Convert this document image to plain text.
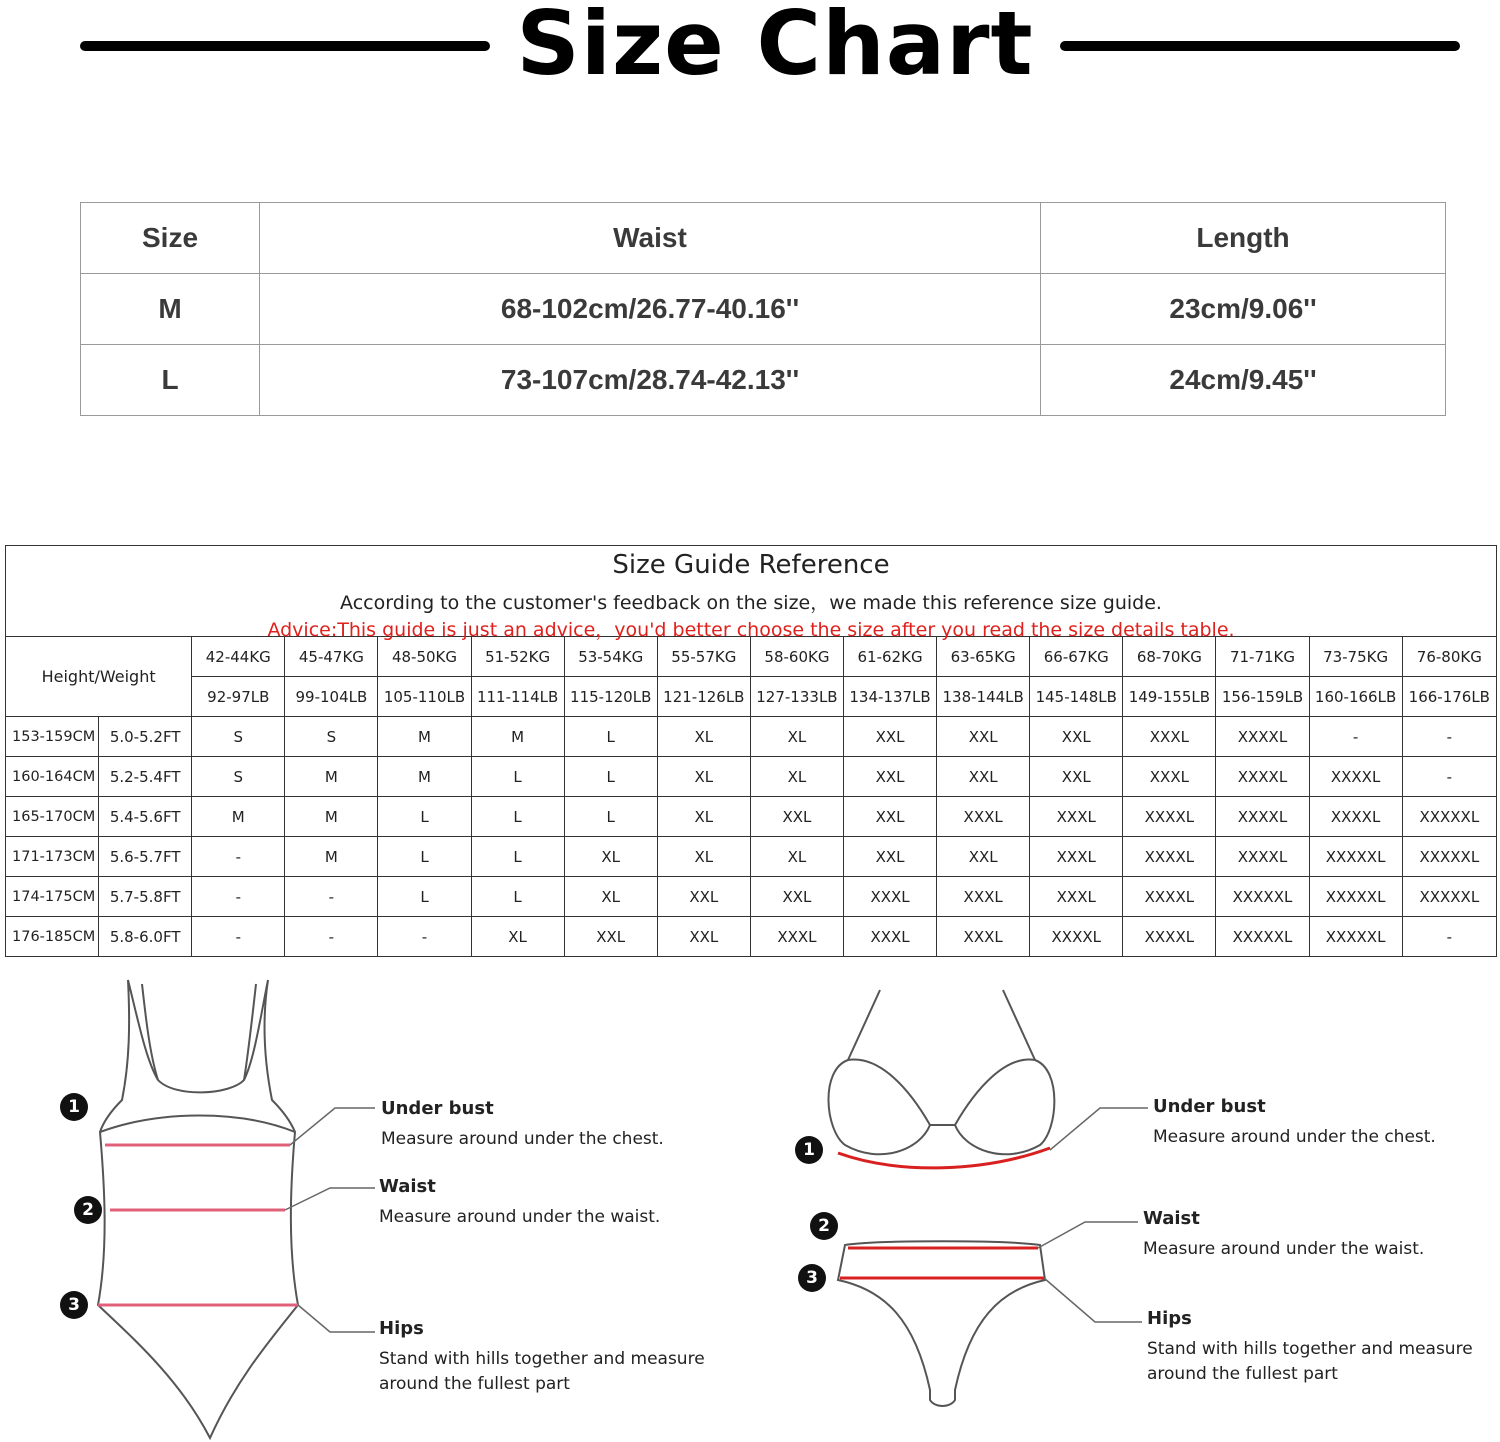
Size Chart
Size	Waist	Length
M	68-102cm/26.77-40.16''	23cm/9.06''
L	73-107cm/28.74-42.13''	24cm/9.45''
Size Guide Reference
According to the customer's feedback on the size，we made this reference size guide.
Advice:This guide is just an advice，you'd better choose the size after you read the size details table.
Height/Weight		42-44KG	45-47KG	48-50KG	51-52KG	53-54KG	55-57KG	58-60KG	61-62KG	63-65KG	66-67KG	68-70KG	71-71KG	73-75KG	76-80KG
		92-97LB	99-104LB	105-110LB	111-114LB	115-120LB	121-126LB	127-133LB	134-137LB	138-144LB	145-148LB	149-155LB	156-159LB	160-166LB	166-176LB
153-159CM	5.0-5.2FT	S	S	M	M	L	XL	XL	XXL	XXL	XXL	XXXL	XXXXL	-	-
160-164CM	5.2-5.4FT	S	M	M	L	L	XL	XL	XXL	XXL	XXL	XXXL	XXXXL	XXXXL	-
165-170CM	5.4-5.6FT	M	M	L	L	L	XL	XXL	XXL	XXXL	XXXL	XXXXL	XXXXL	XXXXL	XXXXXL
171-173CM	5.6-5.7FT	-	M	L	L	XL	XL	XL	XXL	XXL	XXXL	XXXXL	XXXXL	XXXXXL	XXXXXL
174-175CM	5.7-5.8FT	-	-	L	L	XL	XXL	XXL	XXXL	XXXL	XXXL	XXXXL	XXXXXL	XXXXXL	XXXXXL
176-185CM	5.8-6.0FT	-	-	-	XL	XXL	XXL	XXXL	XXXL	XXXL	XXXXL	XXXXL	XXXXXL	XXXXXL	-
1
2
3
1
2
3
Under bust
Measure around under the chest.
Waist
Measure around under the waist.
Hips
Stand with hills together and measure
around the fullest part
Under bust
Measure around under the chest.
Waist
Measure around under the waist.
Hips
Stand with hills together and measure
around the fullest part
